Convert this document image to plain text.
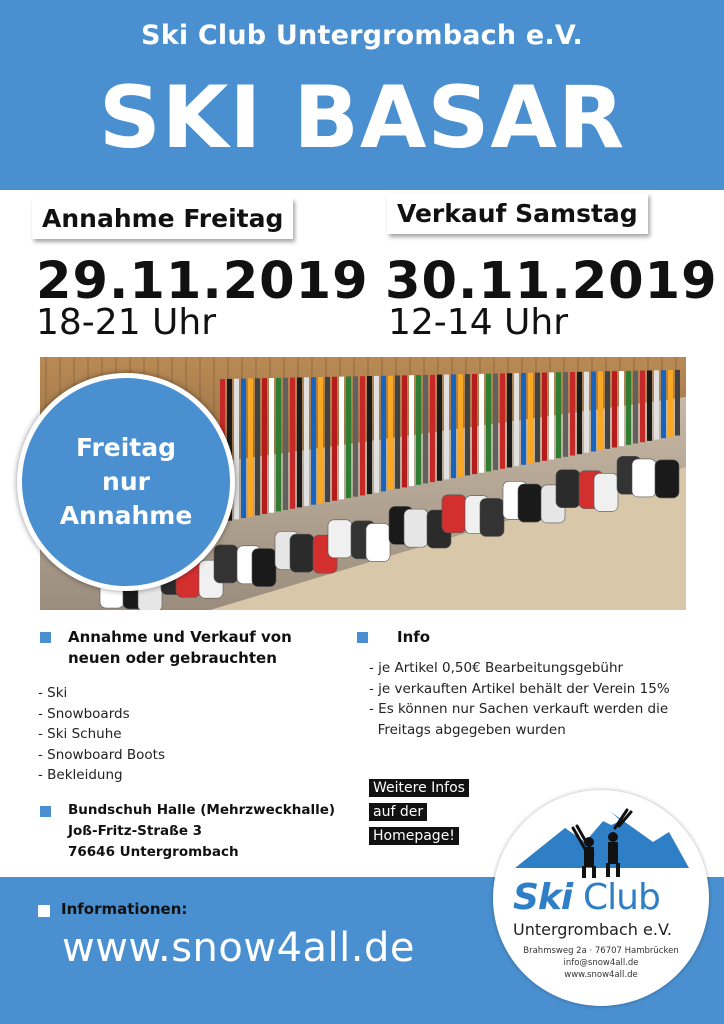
Ski Club Untergrombach e.V.
SKI BASAR
Annahme Freitag	Verkauf Samstag
29.11.2019
18-21 Uhr
30.11.2019
12-14 Uhr
Freitag
nur
Annahme
Annahme und Verkauf von
neuen oder gebrauchten
- Ski
- Snowboards
- Ski Schuhe
- Snowboard Boots
- Bekleidung
Bundschuh Halle (Mehrzweckhalle)
Joß-Fritz-Straße 3
76646 Untergrombach
Info
- je Artikel 0,50€ Bearbeitungsgebühr
- je verkauften Artikel behält der Verein 15%
- Es können nur Sachen verkauft werden die
Freitags abgegeben wurden
Weitere Infos
auf der
Homepage!
Informationen:
www.snow4all.de
Ski Club
Untergrombach e.V.
Brahmsweg 2a · 76707 Hambrücken
info@snow4all.de
www.snow4all.de
